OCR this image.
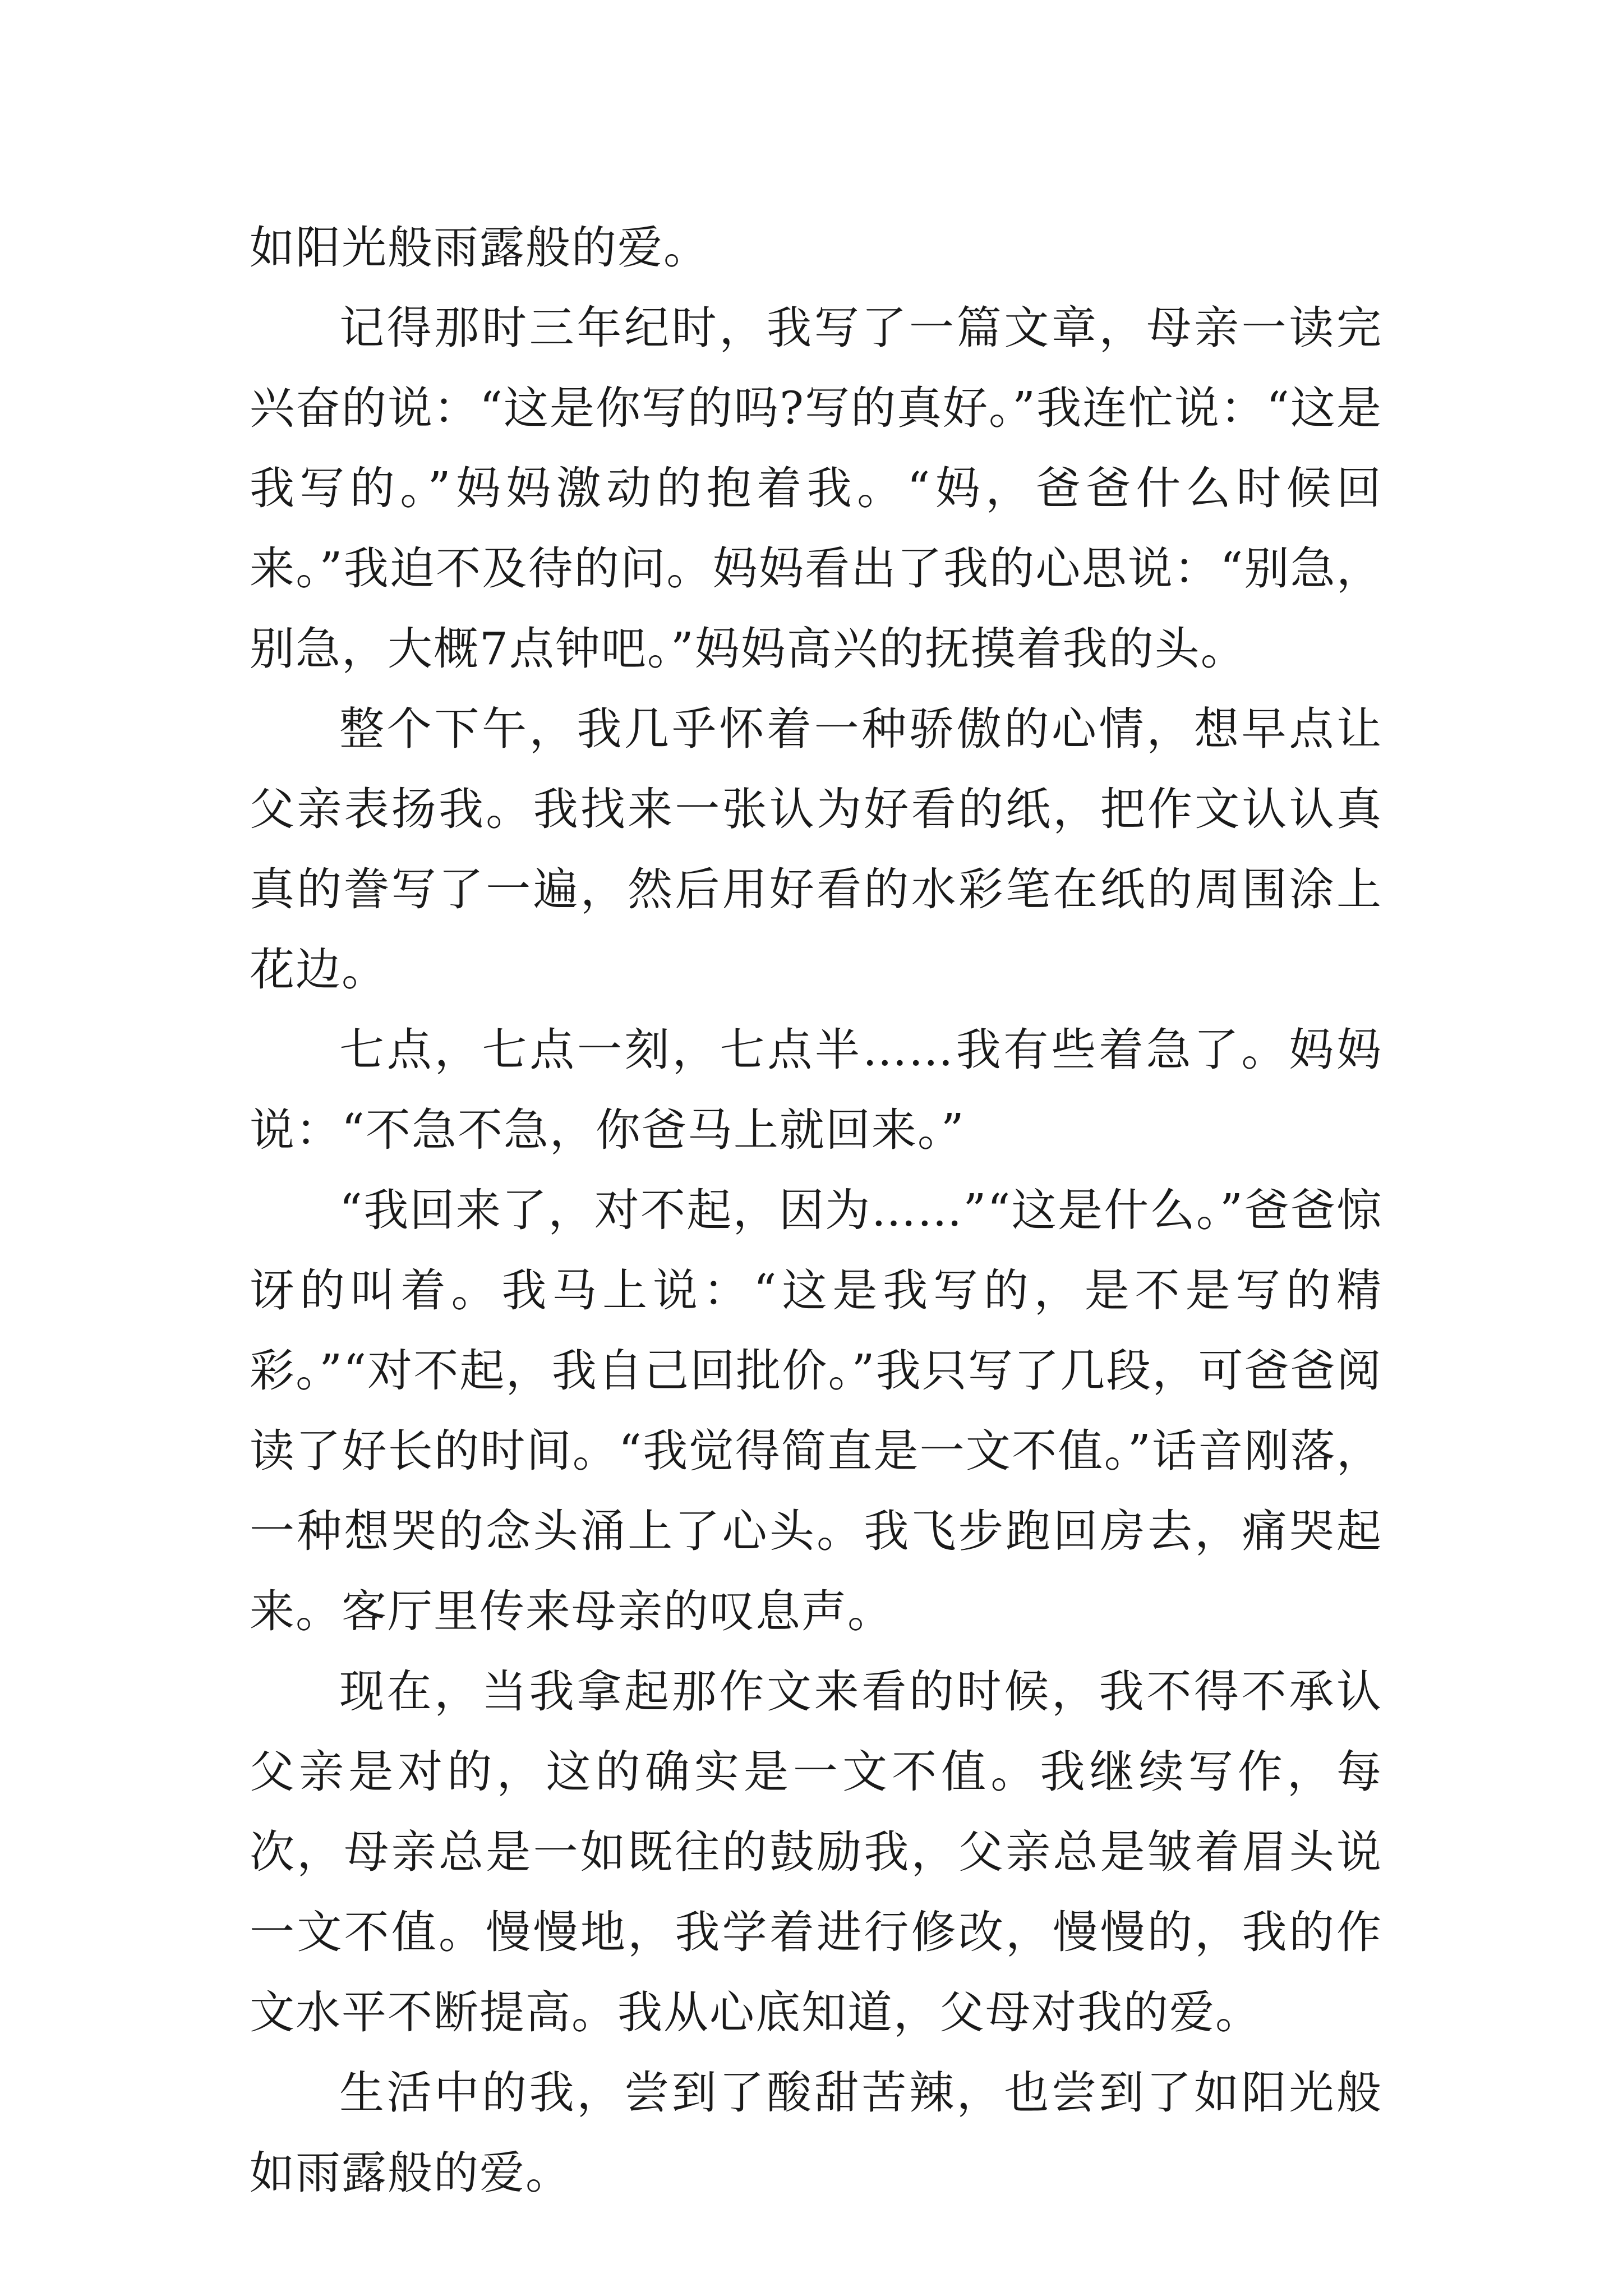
如阳光般雨露般的爱。

记得那时三年纪时，我写了一篇文章，母亲一读完兴奋的说：“这是你写的吗?写的真好。”我连忙说：“这是我写的。”妈妈激动的抱着我。“妈，爸爸什么时候回来。”我迫不及待的问。妈妈看出了我的心思说：“别急，别急，大概7点钟吧。”妈妈高兴的抚摸着我的头。

整个下午，我几乎怀着一种骄傲的心情，想早点让父亲表扬我。我找来一张认为好看的纸，把作文认认真真的誊写了一遍，然后用好看的水彩笔在纸的周围涂上花边。

七点，七点一刻，七点半……我有些着急了。妈妈说：“不急不急，你爸马上就回来。”

“我回来了，对不起，因为……”“这是什么。”爸爸惊讶的叫着。我马上说：“这是我写的，是不是写的精彩。”“对不起，我自己回批价。”我只写了几段，可爸爸阅读了好长的时间。“我觉得简直是一文不值。”话音刚落，一种想哭的念头涌上了心头。我飞步跑回房去，痛哭起来。客厅里传来母亲的叹息声。

现在，当我拿起那作文来看的时候，我不得不承认父亲是对的，这的确实是一文不值。我继续写作，每次，母亲总是一如既往的鼓励我，父亲总是皱着眉头说一文不值。慢慢地，我学着进行修改，慢慢的，我的作文水平不断提高。我从心底知道，父母对我的爱。

生活中的我，尝到了酸甜苦辣，也尝到了如阳光般如雨露般的爱。
